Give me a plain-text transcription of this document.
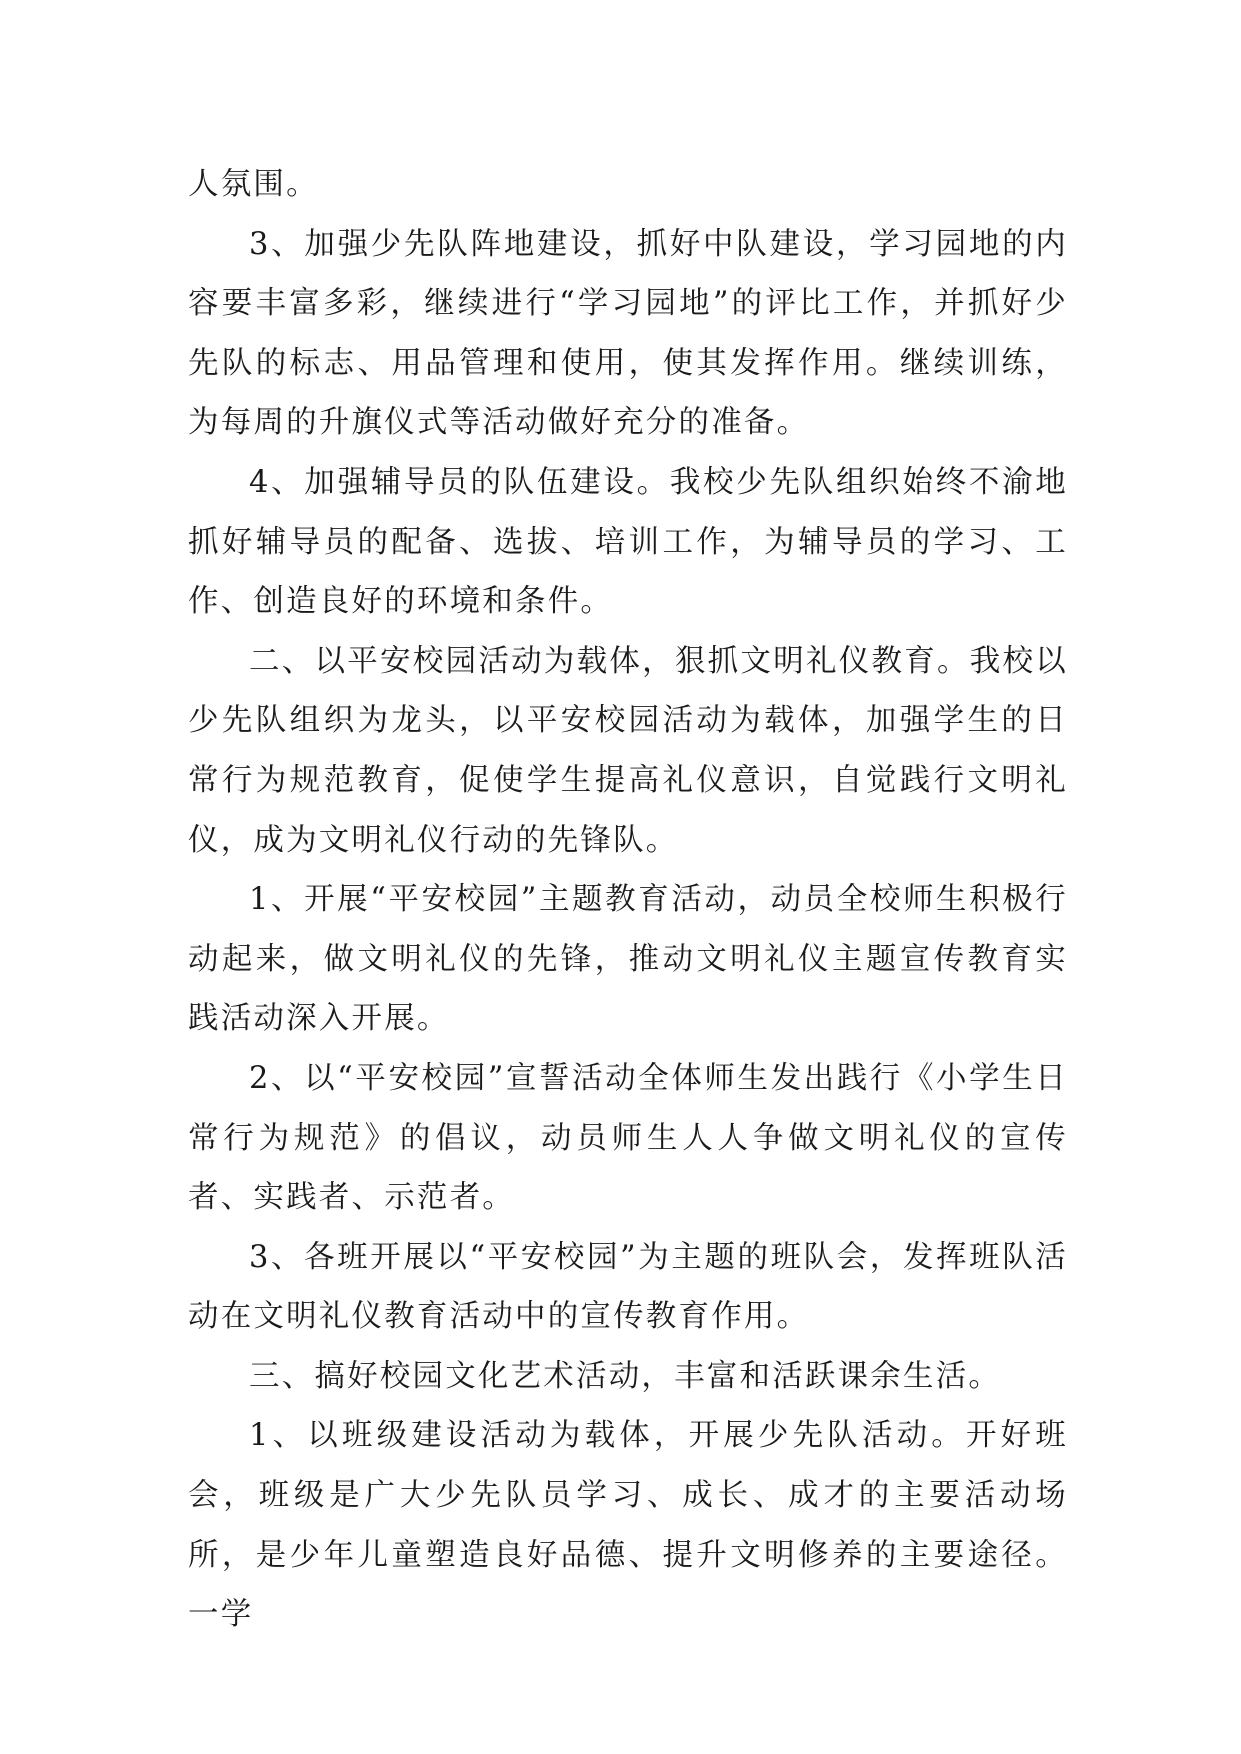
人氛围。

3、加强少先队阵地建设，抓好中队建设，学习园地的内容要丰富多彩，继续进行“学习园地”的评比工作，并抓好少先队的标志、用品管理和使用，使其发挥作用。继续训练，为每周的升旗仪式等活动做好充分的准备。

4、加强辅导员的队伍建设。我校少先队组织始终不渝地抓好辅导员的配备、选拔、培训工作，为辅导员的学习、工作、创造良好的环境和条件。

二、以平安校园活动为载体，狠抓文明礼仪教育。我校以少先队组织为龙头，以平安校园活动为载体，加强学生的日常行为规范教育，促使学生提高礼仪意识，自觉践行文明礼仪，成为文明礼仪行动的先锋队。

1、开展“平安校园”主题教育活动，动员全校师生积极行动起来，做文明礼仪的先锋，推动文明礼仪主题宣传教育实践活动深入开展。

2、以“平安校园”宣誓活动全体师生发出践行《小学生日常行为规范》的倡议，动员师生人人争做文明礼仪的宣传者、实践者、示范者。

3、各班开展以“平安校园”为主题的班队会，发挥班队活动在文明礼仪教育活动中的宣传教育作用。

三、搞好校园文化艺术活动，丰富和活跃课余生活。

1、以班级建设活动为载体，开展少先队活动。开好班会，班级是广大少先队员学习、成长、成才的主要活动场所，是少年儿童塑造良好品德、提升文明修养的主要途径。一学
